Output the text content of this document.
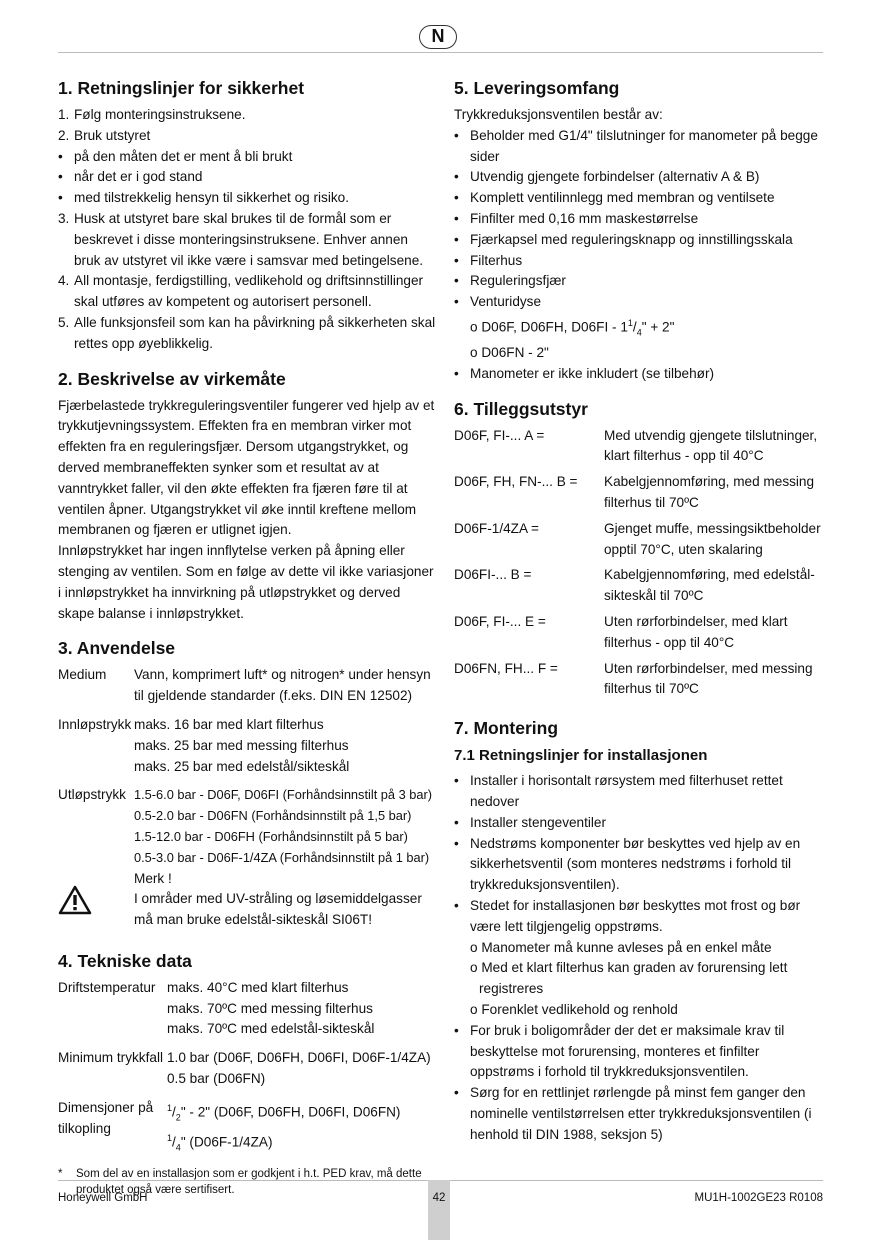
N
1. Retningslinjer for sikkerhet
1. Følg monteringsinstruksene.
2. Bruk utstyret
• på den måten det er ment å bli brukt
• når det er i god stand
• med tilstrekkelig hensyn til sikkerhet og risiko.
3. Husk at utstyret bare skal brukes til de formål som er beskrevet i disse monteringsinstruksene. Enhver annen bruk av utstyret vil ikke være i samsvar med betingelsene.
4. All montasje, ferdigstilling, vedlikehold og driftsinnstillinger skal utføres av kompetent og autorisert personell.
5. Alle funksjonsfeil som kan ha påvirkning på sikkerheten skal rettes opp øyeblikkelig.
2. Beskrivelse av virkemåte

Fjærbelastede trykkreguleringsventiler fungerer ved hjelp av et trykkutjevningssystem. Effekten fra en membran virker mot effekten fra en reguleringsfjær. Dersom utgangstrykket, og derved membraneffekten synker som et resultat av at vanntrykket faller, vil den økte effekten fra fjæren føre til at ventilen åpner. Utgangstrykket vil øke inntil kreftene mellom membranen og fjæren er utlignet igjen.

Innløpstrykket har ingen innflytelse verken på åpning eller stenging av ventilen. Som en følge av dette vil ikke variasjoner i innløpstrykket ha innvirkning på utløpstrykket og derved skape balanse i innløpstrykket.

3. Anvendelse
Medium	Vann, komprimert luft* og nitrogen* under hensyn til gjeldende standarder (f.eks. DIN EN 12502)
Innløpstrykk maks. 16 bar med klart filterhus
maks. 25 bar med messing filterhus
maks. 25 bar med edelstål/sikteskål
Utløpstrykk 1.5-6.0 bar - D06F, D06FI (Forhåndsinnstilt på 3 bar)
0.5-2.0 bar - D06FN (Forhåndsinnstilt på 1,5 bar)
1.5-12.0 bar - D06FH (Forhåndsinnstilt på 5 bar)
0.5-3.0 bar - D06F-1/4ZA (Forhåndsinnstilt på 1 bar)
Merk !
I områder med UV-stråling og løsemiddelgasser må man bruke edelstål-sikteskål SI06T!
4. Tekniske data
Driftstemperatur maks. 40°C med klart filterhus
maks. 70ºC med messing filterhus
maks. 70ºC med edelstål-sikteskål
Minimum trykkfall 1.0 bar (D06F, D06FH, D06FI, D06F-1/4ZA)
0.5 bar (D06FN)
Dimensjoner på
tilkopling
$^1/_2$" - 2" (D06F, D06FH, D06FI, D06FN)
$^1/_4$" (D06F-1/4ZA)
*	Som del av en installasjon som er godkjent i h.t. PED krav, må dette produktet også være sertifisert.
5. Leveringsomfang

Trykkreduksjonsventilen består av:

• Beholder med G1/4" tilslutninger for manometer på begge sider
• Utvendig gjengete forbindelser (alternativ A & B)
• Komplett ventilinnlegg med membran og ventilsete
• Finfilter med 0,16 mm maskestørrelse
• Fjærkapsel med reguleringsknapp og innstillingsskala
• Filterhus
• Reguleringsfjær
• Venturidyse
o D06F, D06FH, $D06FI - 1^1/_4$" + 2"
o D06FN - 2"
• Manometer er ikke inkludert (se tilbehør)
6. Tilleggsutstyr
D06F, FI-... A =	Med utvendig gjengete tilslutninger, klart filterhus - opp til 40°C
D06F, FH, FN-... B =	Kabelgjennomføring, med messing filterhus til 70ºC
D06F-1/4ZA =	Gjenget muffe, messingsiktbeholder opptil 70°C, uten skalaring
D06FI-... B =	Kabelgjennomføring, med edelstål-sikteskål til 70ºC
D06F, FI-... E =	Uten rørforbindelser, med klart filterhus - opp til 40°C
D06FN, FH... F =	Uten rørforbindelser, med messing filterhus til 70ºC
7. Montering
7.1 Retningslinjer for installasjonen
• Installer i horisontalt rørsystem med filterhuset rettet nedover
• Installer stengeventiler
• Nedstrøms komponenter bør beskyttes ved hjelp av en sikkerhetsventil (som monteres nedstrøms i forhold til trykkreduksjonsventilen).
• Stedet for installasjonen bør beskyttes mot frost og bør være lett tilgjengelig oppstrøms.
o Manometer må kunne avleses på en enkel måte
o Med et klart filterhus kan graden av forurensing lett registreres
o Forenklet vedlikehold og renhold
• For bruk i boligområder der det er maksimale krav til beskyttelse mot forurensing, monteres et finfilter oppstrøms i forhold til trykkreduksjonsventilen.
• Sørg for en rettlinjet rørlengde på minst fem ganger den nominelle ventilstørrelsen etter trykkreduksjonsventilen (i henhold til DIN 1988, seksjon 5)
Honeywell GmbH	42	MU1H-1002GE23 R0108
